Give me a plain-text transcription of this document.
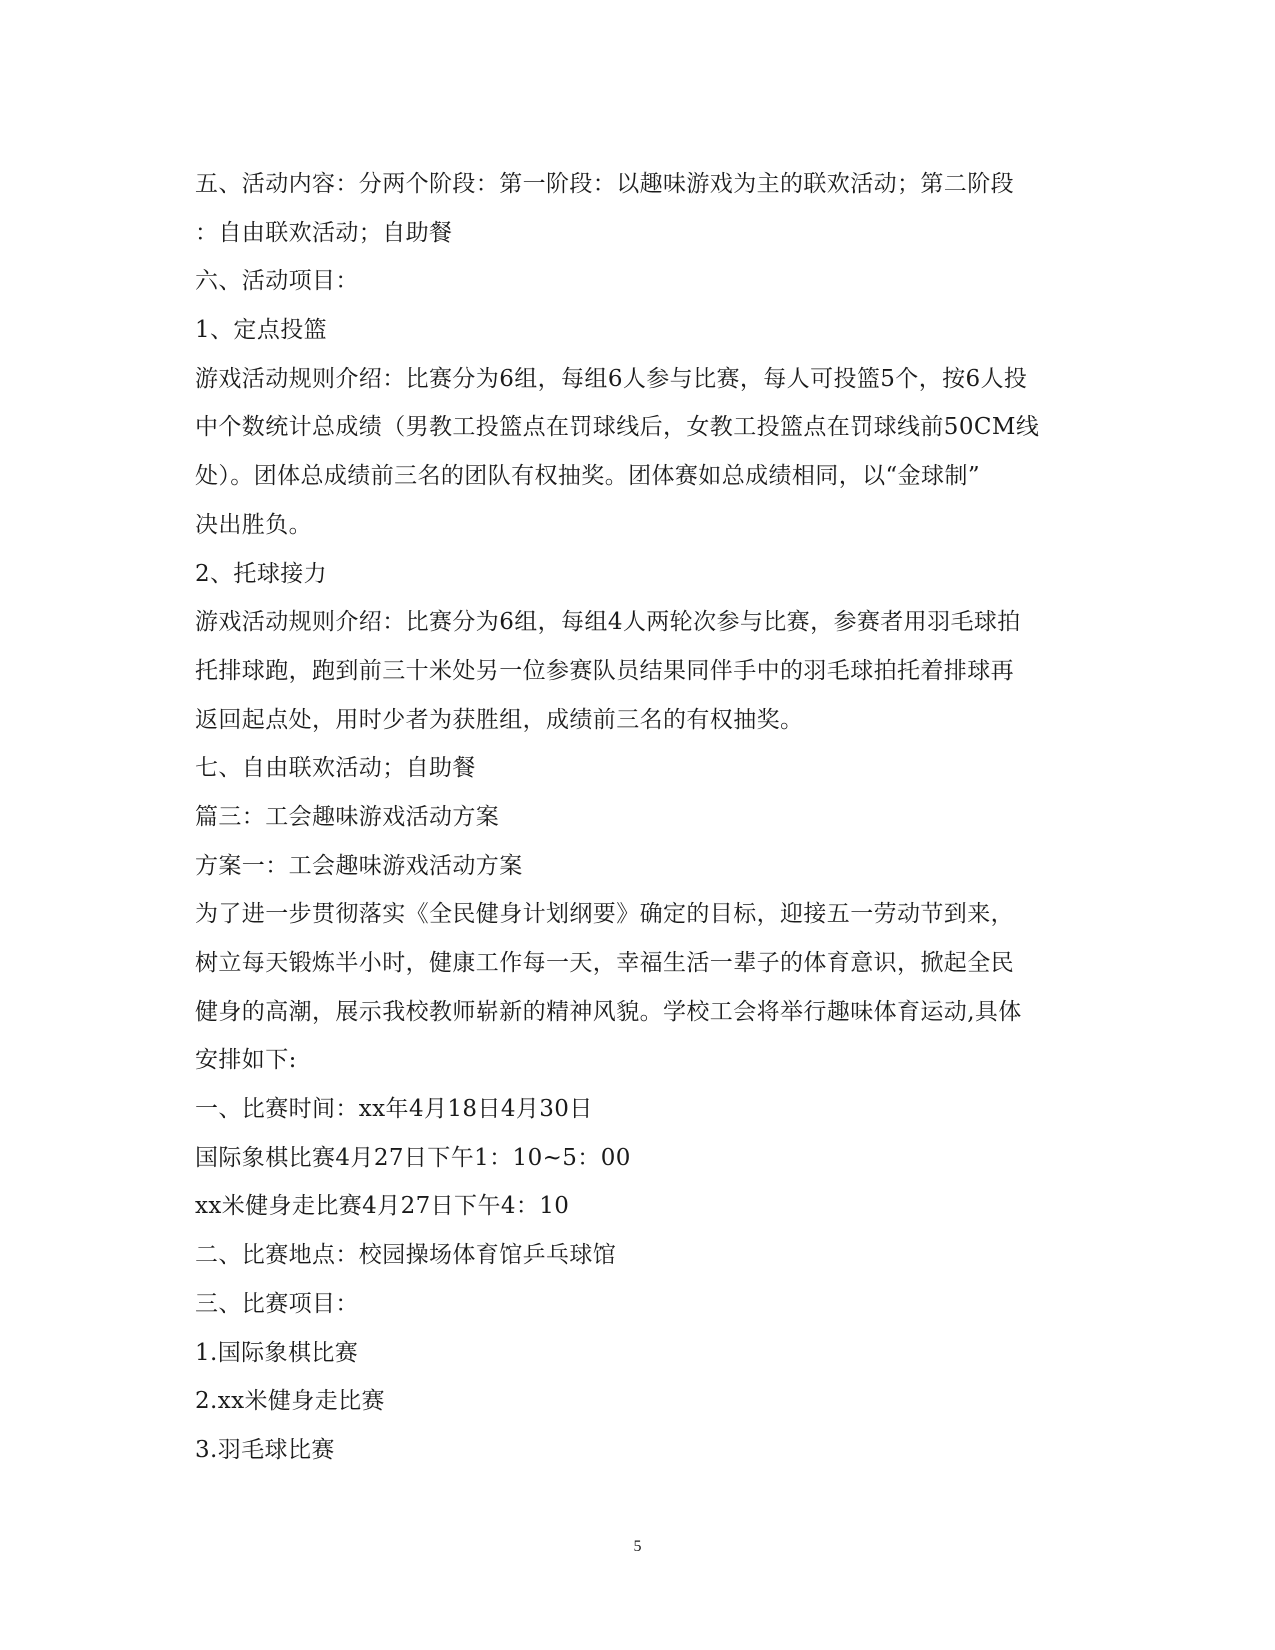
五、活动内容：分两个阶段：第一阶段：以趣味游戏为主的联欢活动；第二阶段
：自由联欢活动；自助餐
六、活动项目：
1、定点投篮
游戏活动规则介绍：比赛分为6组，每组6人参与比赛，每人可投篮5个，按6人投
中个数统计总成绩（男教工投篮点在罚球线后，女教工投篮点在罚球线前50CM线
处）。团体总成绩前三名的团队有权抽奖。团体赛如总成绩相同，以“金球制”
决出胜负。
2、托球接力
游戏活动规则介绍：比赛分为6组，每组4人两轮次参与比赛，参赛者用羽毛球拍
托排球跑，跑到前三十米处另一位参赛队员结果同伴手中的羽毛球拍托着排球再
返回起点处，用时少者为获胜组，成绩前三名的有权抽奖。
七、自由联欢活动；自助餐
篇三：工会趣味游戏活动方案
方案一：工会趣味游戏活动方案
为了进一步贯彻落实《全民健身计划纲要》确定的目标，迎接五一劳动节到来，
树立每天锻炼半小时，健康工作每一天，幸福生活一辈子的体育意识，掀起全民
健身的高潮，展示我校教师崭新的精神风貌。学校工会将举行趣味体育运动,具体
安排如下:
一、比赛时间：xx年4月18日4月30日
国际象棋比赛4月27日下午1：10~5：00
xx米健身走比赛4月27日下午4：10
二、比赛地点：校园操场体育馆乒乓球馆
三、比赛项目：
1.国际象棋比赛
2.xx米健身走比赛
3.羽毛球比赛
5
